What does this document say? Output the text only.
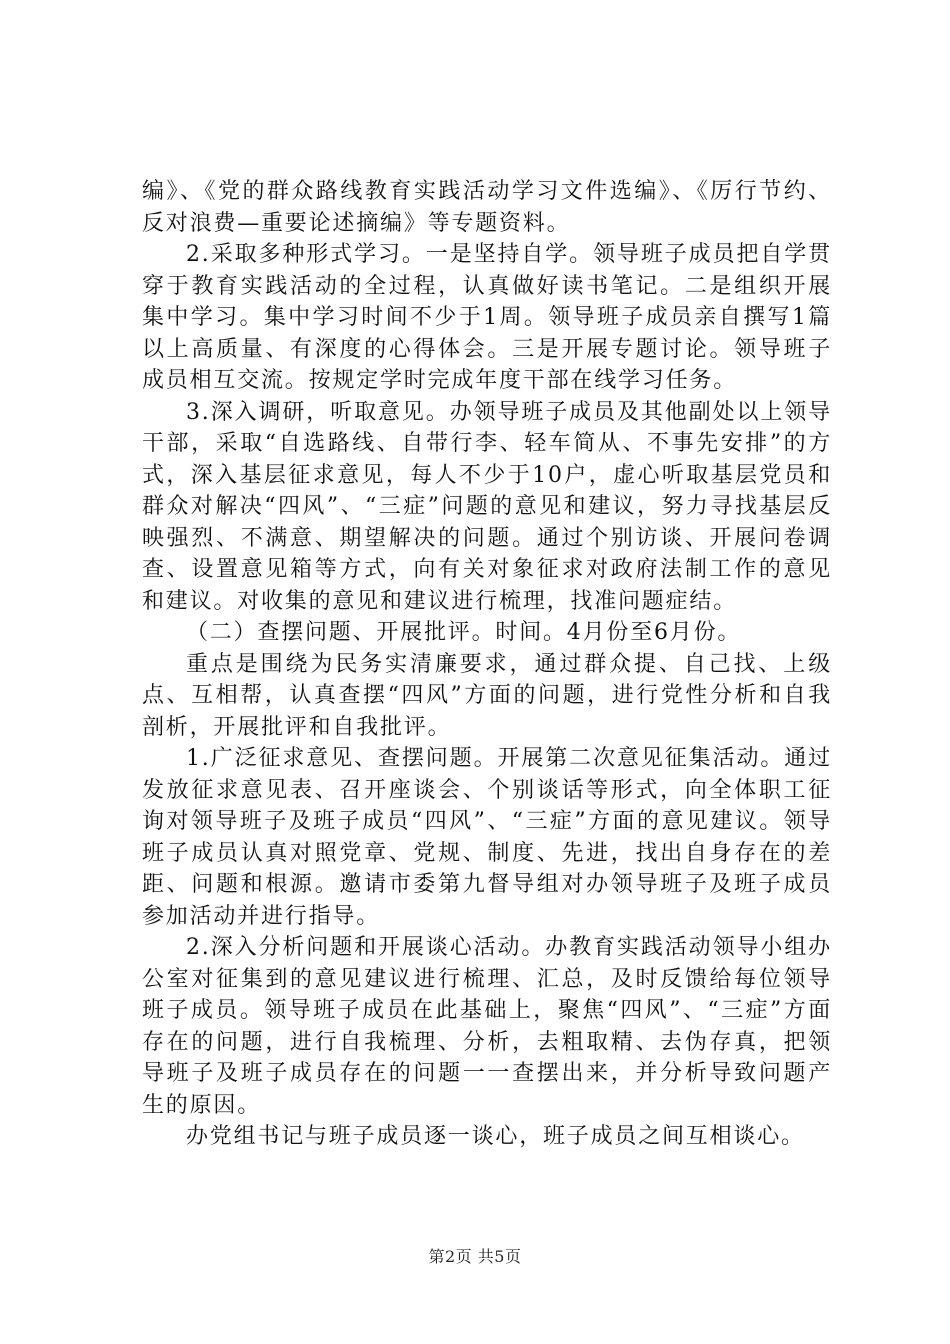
编》、《党的群众路线教育实践活动学习文件选编》、《厉行节约、反对浪费—重要论述摘编》等专题资料。

2.采取多种形式学习。一是坚持自学。领导班子成员把自学贯穿于教育实践活动的全过程，认真做好读书笔记。二是组织开展集中学习。集中学习时间不少于1周。领导班子成员亲自撰写1篇以上高质量、有深度的心得体会。三是开展专题讨论。领导班子成员相互交流。按规定学时完成年度干部在线学习任务。

3.深入调研，听取意见。办领导班子成员及其他副处以上领导干部，采取“自选路线、自带行李、轻车简从、不事先安排”的方式，深入基层征求意见，每人不少于10户，虚心听取基层党员和群众对解决“四风”、“三症”问题的意见和建议，努力寻找基层反映强烈、不满意、期望解决的问题。通过个别访谈、开展问卷调查、设置意见箱等方式，向有关对象征求对政府法制工作的意见和建议。对收集的意见和建议进行梳理，找准问题症结。

（二）查摆问题、开展批评。时间。4月份至6月份。

重点是围绕为民务实清廉要求，通过群众提、自己找、上级点、互相帮，认真查摆“四风”方面的问题，进行党性分析和自我剖析，开展批评和自我批评。

1.广泛征求意见、查摆问题。开展第二次意见征集活动。通过发放征求意见表、召开座谈会、个别谈话等形式，向全体职工征询对领导班子及班子成员“四风”、“三症”方面的意见建议。领导班子成员认真对照党章、党规、制度、先进，找出自身存在的差距、问题和根源。邀请市委第九督导组对办领导班子及班子成员参加活动并进行指导。

2.深入分析问题和开展谈心活动。办教育实践活动领导小组办公室对征集到的意见建议进行梳理、汇总，及时反馈给每位领导班子成员。领导班子成员在此基础上，聚焦“四风”、“三症”方面存在的问题，进行自我梳理、分析，去粗取精、去伪存真，把领导班子及班子成员存在的问题一一查摆出来，并分析导致问题产生的原因。

办党组书记与班子成员逐一谈心，班子成员之间互相谈心。

第2页 共5页
